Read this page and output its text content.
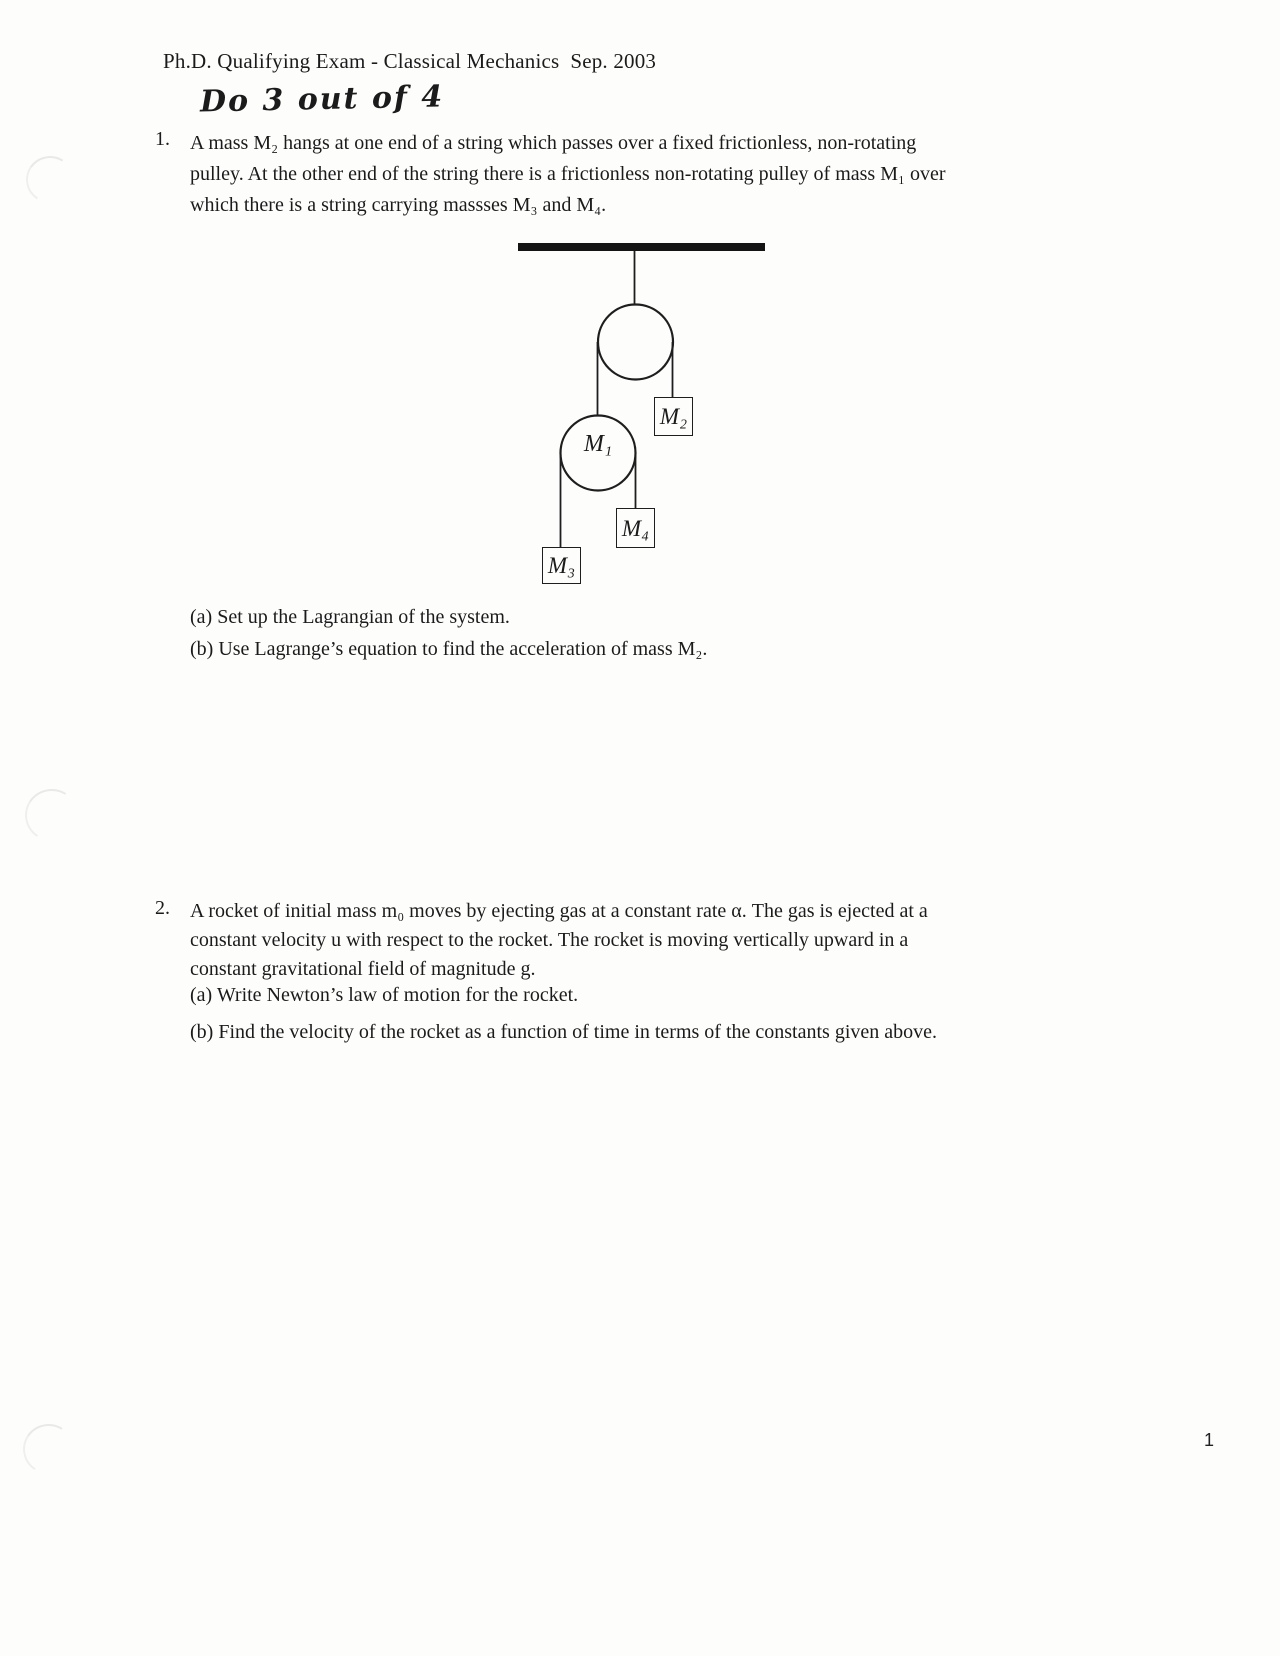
Ph.D. Qualifying Exam - Classical Mechanics  Sep. 2003
Do 3 out of 4
1.	A mass M₂ hangs at one end of a string which passes over a fixed frictionless, non-rotating
pulley. At the other end of the string there is a frictionless non-rotating pulley of mass M₁ over
which there is a string carrying massses M₃ and M₄.
M₁
M₂
M₄
M₃
(a) Set up the Lagrangian of the system.
(b) Use Lagrange’s equation to find the acceleration of mass M₂.
2.	A rocket of initial mass m₀ moves by ejecting gas at a constant rate α. The gas is ejected at a
constant velocity u with respect to the rocket. The rocket is moving vertically upward in a
constant gravitational field of magnitude g.
(a) Write Newton’s law of motion for the rocket.
(b) Find the velocity of the rocket as a function of time in terms of the constants given above.
1
